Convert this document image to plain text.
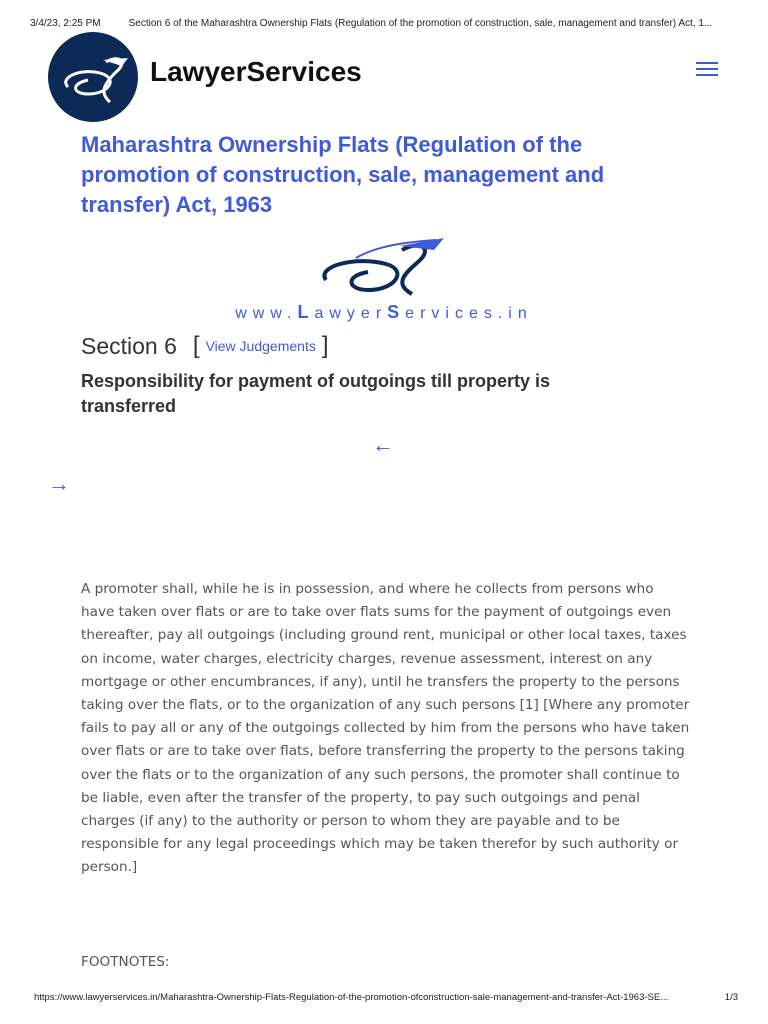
3/4/23, 2:25 PM	Section 6 of the Maharashtra Ownership Flats (Regulation of the promotion of construction, sale, management and transfer) Act, 1...
LawyerServices
Maharashtra Ownership Flats (Regulation of the promotion of construction, sale, management and transfer) Act, 1963
www.LawyerServices.in
Section 6 [ View Judgements ]
Responsibility for payment of outgoings till property is transferred
←
→

A promoter shall, while he is in possession, and where he collects from persons who have taken over flats or are to take over flats sums for the payment of outgoings even thereafter, pay all outgoings (including ground rent, municipal or other local taxes, taxes on income, water charges, electricity charges, revenue assessment, interest on any mortgage or other encumbrances, if any), until he transfers the property to the persons taking over the flats, or to the organization of any such persons [1] [Where any promoter fails to pay all or any of the outgoings collected by him from the persons who have taken over flats or are to take over flats, before transferring the property to the persons taking over the flats or to the organization of any such persons, the promoter shall continue to be liable, even after the transfer of the property, to pay such outgoings and penal charges (if any) to the authority or person to whom they are payable and to be responsible for any legal proceedings which may be taken therefor by such authority or person.]

FOOTNOTES:
https://www.lawyerservices.in/Maharashtra-Ownership-Flats-Regulation-of-the-promotion-ofconstruction-sale-management-and-transfer-Act-1963-SE...	1/3
